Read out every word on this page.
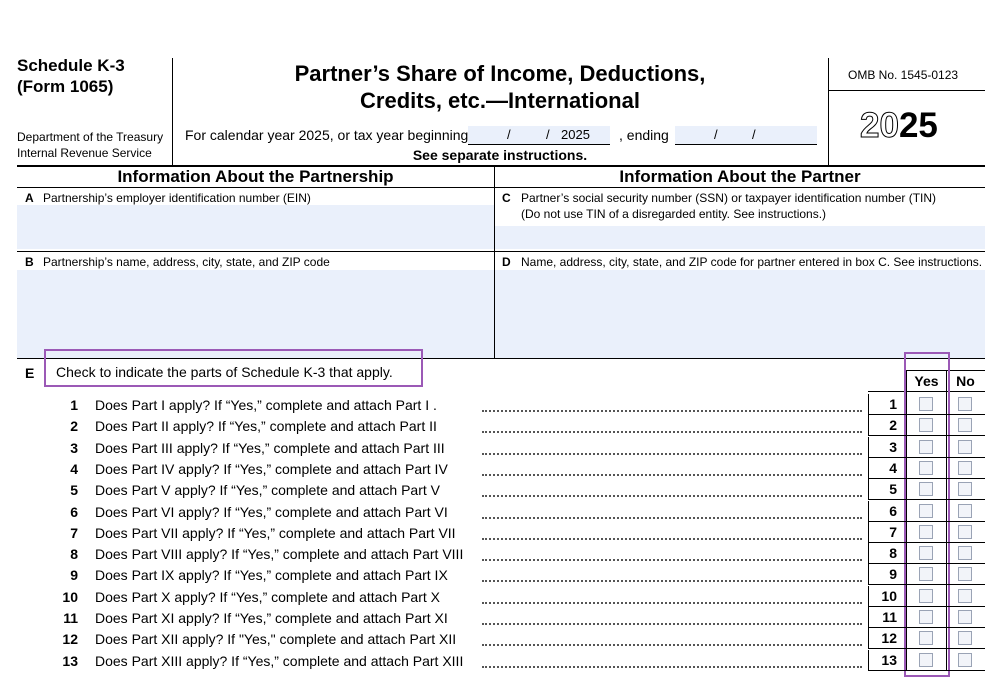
Schedule K-3
(Form 1065)
Department of the Treasury
Internal Revenue Service
Partner’s Share of Income, Deductions,
Credits, etc.—International
For calendar year 2025, or tax year beginning	/	/ 2025 , ending	/	/
See separate instructions.
OMB No. 1545-0123
2025
Information About the Partnership	Information About the Partner
A Partnership’s employer identification number (EIN)	C Partner’s social security number (SSN) or taxpayer identification number (TIN)
(Do not use TIN of a disregarded entity. See instructions.)
B Partnership’s name, address, city, state, and ZIP code	D Name, address, city, state, and ZIP code for partner entered in box C. See instructions.
E Check to indicate the parts of Schedule K-3 that apply.
Yes	No
1 Does Part I apply? If “Yes,” complete and attach Part I .	1
2 Does Part II apply? If “Yes,” complete and attach Part II	2
3 Does Part III apply? If “Yes,” complete and attach Part III	3
4 Does Part IV apply? If “Yes,” complete and attach Part IV	4
5 Does Part V apply? If “Yes,” complete and attach Part V	5
6 Does Part VI apply? If “Yes,” complete and attach Part VI	6
7 Does Part VII apply? If “Yes,” complete and attach Part VII	7
8 Does Part VIII apply? If “Yes,” complete and attach Part VIII	8
9 Does Part IX apply? If “Yes,” complete and attach Part IX	9
10 Does Part X apply? If “Yes,” complete and attach Part X	10
11 Does Part XI apply? If “Yes,” complete and attach Part XI	11
12 Does Part XII apply? If "Yes," complete and attach Part XII	12
13 Does Part XIII apply? If “Yes,” complete and attach Part XIII	13
